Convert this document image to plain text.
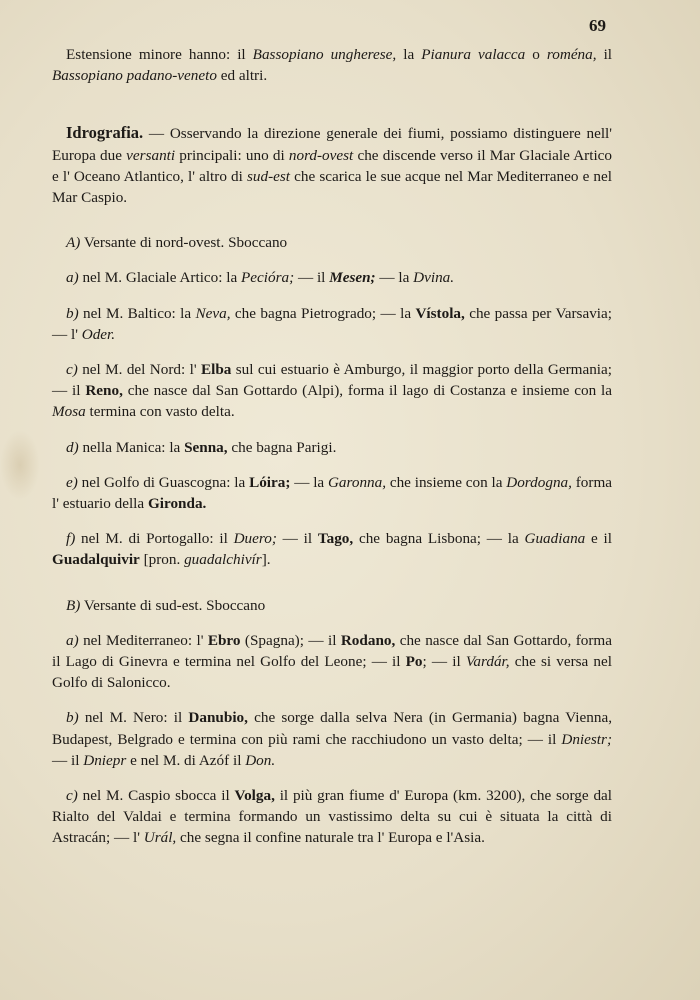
69

Estensione minore hanno: il Bassopiano ungherese, la Pianura valacca o roména, il Bassopiano padano-veneto ed altri.

Idrografia. — Osservando la direzione generale dei fiumi, possiamo distinguere nell' Europa due versanti principali: uno di nord-ovest che discende verso il Mar Glaciale Artico e l' Oceano Atlantico, l' altro di sud-est che scarica le sue acque nel Mar Mediterraneo e nel Mar Caspio.

A) Versante di nord-ovest. Sboccano

a) nel M. Glaciale Artico: la Pecióra; — il Mesen; — la Dvina.

b) nel M. Baltico: la Neva, che bagna Pietrogrado; — la Vístola, che passa per Varsavia; — l' Oder.

c) nel M. del Nord: l' Elba sul cui estuario è Amburgo, il maggior porto della Germania; — il Reno, che nasce dal San Gottardo (Alpi), forma il lago di Costanza e insieme con la Mosa termina con vasto delta.

d) nella Manica: la Senna, che bagna Parigi.

e) nel Golfo di Guascogna: la Lóira; — la Garonna, che insieme con la Dordogna, forma l' estuario della Gironda.

f) nel M. di Portogallo: il Duero; — il Tago, che bagna Lisbona; — la Guadiana e il Guadalquivir [pron. guadalchivír].

B) Versante di sud-est. Sboccano

a) nel Mediterraneo: l' Ebro (Spagna); — il Rodano, che nasce dal San Gottardo, forma il Lago di Ginevra e termina nel Golfo del Leone; — il Po; — il Vardár, che si versa nel Golfo di Salonicco.

b) nel M. Nero: il Danubio, che sorge dalla selva Nera (in Germania) bagna Vienna, Budapest, Belgrado e termina con più rami che racchiudono un vasto delta; — il Dniestr; — il Dniepr e nel M. di Azóf il Don.

c) nel M. Caspio sbocca il Volga, il più gran fiume d' Europa (km. 3200), che sorge dal Rialto del Valdai e termina formando un vastissimo delta su cui è situata la città di Astracán; — l' Urál, che segna il confine naturale tra l' Europa e l'Asia.
